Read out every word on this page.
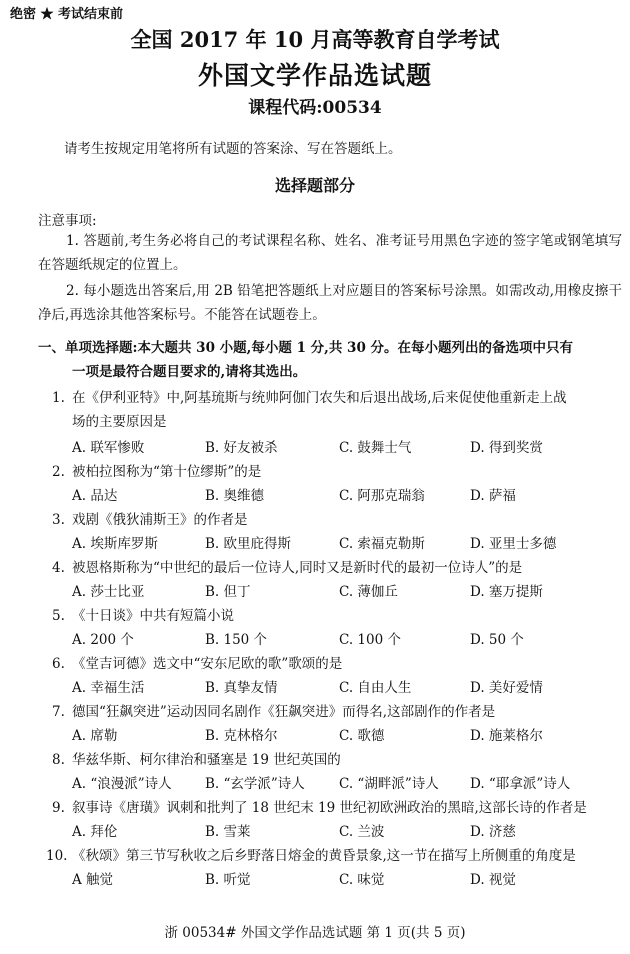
绝密 ★ 考试结束前
全国 2017 年 10 月高等教育自学考试
外国文学作品选试题
课程代码:00534
请考生按规定用笔将所有试题的答案涂、写在答题纸上。
选择题部分
注意事项:
1. 答题前,考生务必将自己的考试课程名称、姓名、准考证号用黑色字迹的签字笔或钢笔填写在答题纸规定的位置上。
2. 每小题选出答案后,用 2B 铅笔把答题纸上对应题目的答案标号涂黑。如需改动,用橡皮擦干净后,再选涂其他答案标号。不能答在试题卷上。
一、单项选择题:本大题共 30 小题,每小题 1 分,共 30 分。在每小题列出的备选项中只有
一项是最符合题目要求的,请将其选出。
1. 在《伊利亚特》中,阿基琉斯与统帅阿伽门农失和后退出战场,后来促使他重新走上战
场的主要原因是
A. 联军惨败	B. 好友被杀	C. 鼓舞士气	D. 得到奖赏
2. 被柏拉图称为“第十位缪斯”的是
A. 品达	B. 奥维德	C. 阿那克瑞翁	D. 萨福
3. 戏剧《俄狄浦斯王》的作者是
A. 埃斯库罗斯	B. 欧里庇得斯	C. 索福克勒斯	D. 亚里士多德
4. 被恩格斯称为“中世纪的最后一位诗人,同时又是新时代的最初一位诗人”的是
A. 莎士比亚	B. 但丁	C. 薄伽丘	D. 塞万提斯
5. 《十日谈》中共有短篇小说
A. 200 个	B. 150 个	C. 100 个	D. 50 个
6. 《堂吉诃德》选文中“安东尼欧的歌”歌颂的是
A. 幸福生活	B. 真挚友情	C. 自由人生	D. 美好爱情
7. 德国“狂飙突进”运动因同名剧作《狂飙突进》而得名,这部剧作的作者是
A. 席勒	B. 克林格尔	C. 歌德	D. 施莱格尔
8. 华兹华斯、柯尔律治和骚塞是 19 世纪英国的
A. “浪漫派”诗人 B. “玄学派”诗人	C. “湖畔派”诗人 D. “耶拿派”诗人
9. 叙事诗《唐璜》讽刺和批判了 18 世纪末 19 世纪初欧洲政治的黑暗,这部长诗的作者是
A. 拜伦	B. 雪莱	C. 兰波	D. 济慈
10. 《秋颂》第三节写秋收之后乡野落日熔金的黄昏景象,这一节在描写上所侧重的角度是
A 触觉	B. 听觉	C. 味觉	D. 视觉
浙 00534# 外国文学作品选试题 第 1 页(共 5 页)
